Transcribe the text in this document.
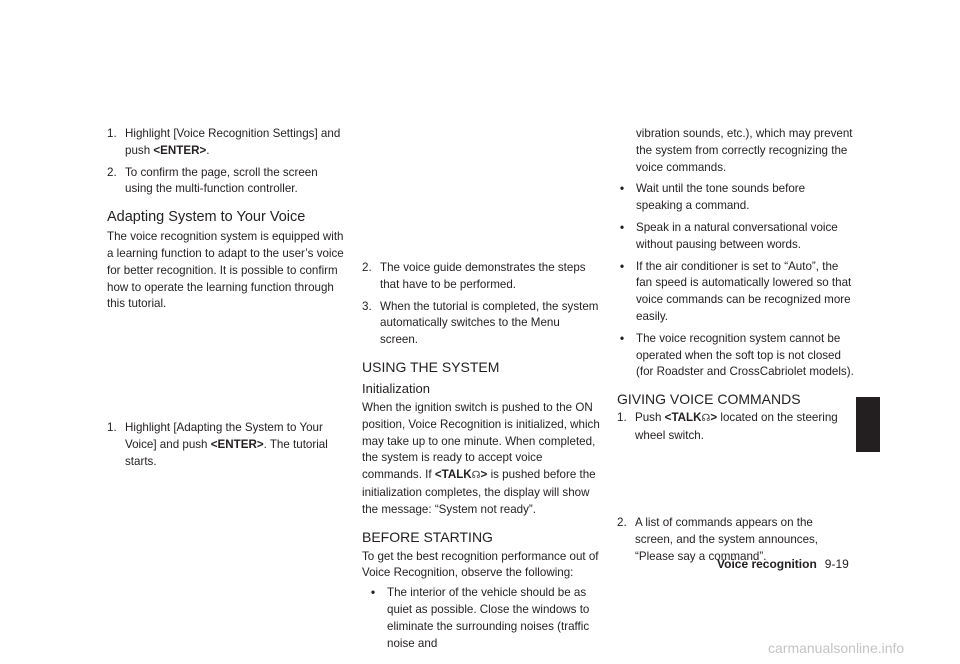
1. Highlight [Voice Recognition Settings] and push <ENTER>.

2. To confirm the page, scroll the screen using the multi-function controller.

Adapting System to Your Voice

The voice recognition system is equipped with a learning function to adapt to the user’s voice for better recognition. It is possible to confirm how to operate the learning function through this tutorial.

1. Highlight [Adapting the System to Your Voice] and push <ENTER>. The tutorial starts.

2. The voice guide demonstrates the steps that have to be performed.

3. When the tutorial is completed, the system automatically switches to the Menu screen.

USING THE SYSTEM
Initialization

When the ignition switch is pushed to the ON position, Voice Recognition is initialized, which may take up to one minute. When completed, the system is ready to accept voice commands. If <TALK☊> is pushed before the initialization completes, the display will show the message: “System not ready”.

BEFORE STARTING

To get the best recognition performance out of Voice Recognition, observe the following:

• The interior of the vehicle should be as quiet as possible. Close the windows to eliminate the surrounding noises (traffic noise and

vibration sounds, etc.), which may prevent the system from correctly recognizing the voice commands.

• Wait until the tone sounds before speaking a command.

• Speak in a natural conversational voice without pausing between words.

• If the air conditioner is set to “Auto”, the fan speed is automatically lowered so that voice commands can be recognized more easily.

• The voice recognition system cannot be operated when the soft top is not closed (for Roadster and CrossCabriolet models).

GIVING VOICE COMMANDS

1. Push <TALK☊> located on the steering wheel switch.

2. A list of commands appears on the screen, and the system announces, “Please say a command”.

Voice recognition 9-19
carmanualsonline.info
